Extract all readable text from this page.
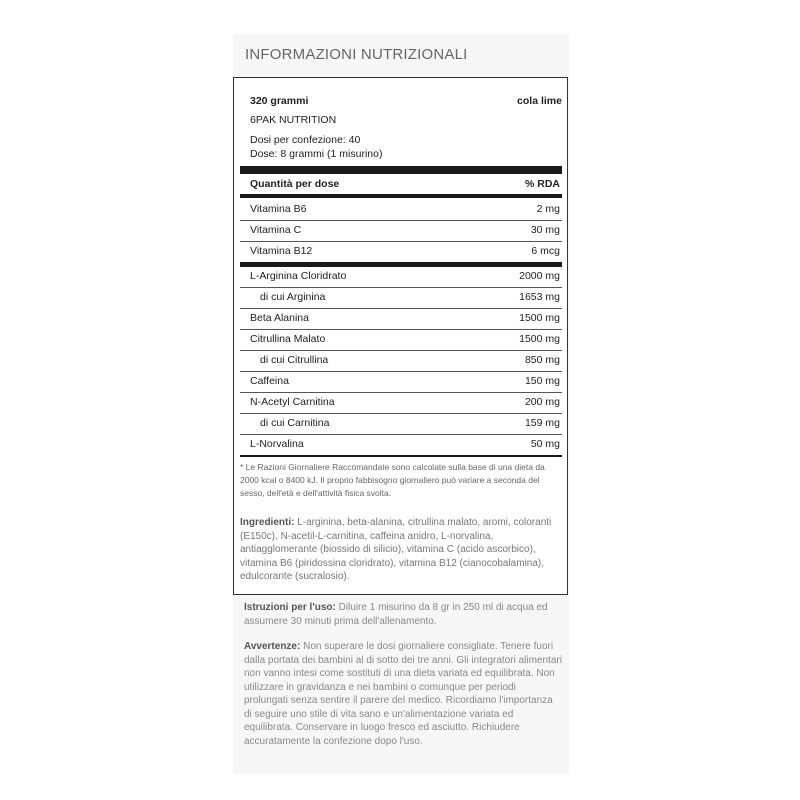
INFORMAZIONI NUTRIZIONALI
320 grammi	cola lime
6PAK NUTRITION
Dosi per confezione: 40
Dose: 8 grammi (1 misurino)
Quantità per dose	% RDA
Vitamina B6	2 mg
Vitamina C	30 mg
Vitamina B12	6 mcg
L-Arginina Cloridrato	2000 mg
di cui Arginina	1653 mg
Beta Alanina	1500 mg
Citrullina Malato	1500 mg
di cui Citrullina	850 mg
Caffeina	150 mg
N-Acetyl Carnitina	200 mg
di cui Carnitina	159 mg
L-Norvalina	50 mg
* Le Razioni Giornaliere Raccomandate sono calcolate sulla base di una dieta da 2000 kcal o 8400 kJ. Il proprio fabbisogno giornaliero può variare a seconda del sesso, dell'età e dell'attività fisica svolta.
Ingredienti: L-arginina, beta-alanina, citrullina malato, aromi, coloranti (E150c), N-acetil-L-carnitina, caffeina anidro, L-norvalina, antiagglomerante (biossido di silicio), vitamina C (acido ascorbico), vitamina B6 (piridossina cloridrato), vitamina B12 (cianocobalamina), edulcorante (sucralosio).
Istruzioni per l'uso: Diluire 1 misurino da 8 gr in 250 ml di acqua ed assumere 30 minuti prima dell'allenamento.
Avvertenze: Non superare le dosi giornaliere consigliate. Tenere fuori dalla portata dei bambini al di sotto dei tre anni. Gli integratori alimentari non vanno intesi come sostituti di una dieta variata ed equilibrata. Non utilizzare in gravidanza e nei bambini o comunque per periodi prolungati senza sentire il parere del medico. Ricordiamo l'importanza di seguire uno stile di vita sano e un'alimentazione variata ed equilibrata. Conservare in luogo fresco ed asciutto. Richiudere accuratamente la confezione dopo l'uso.
